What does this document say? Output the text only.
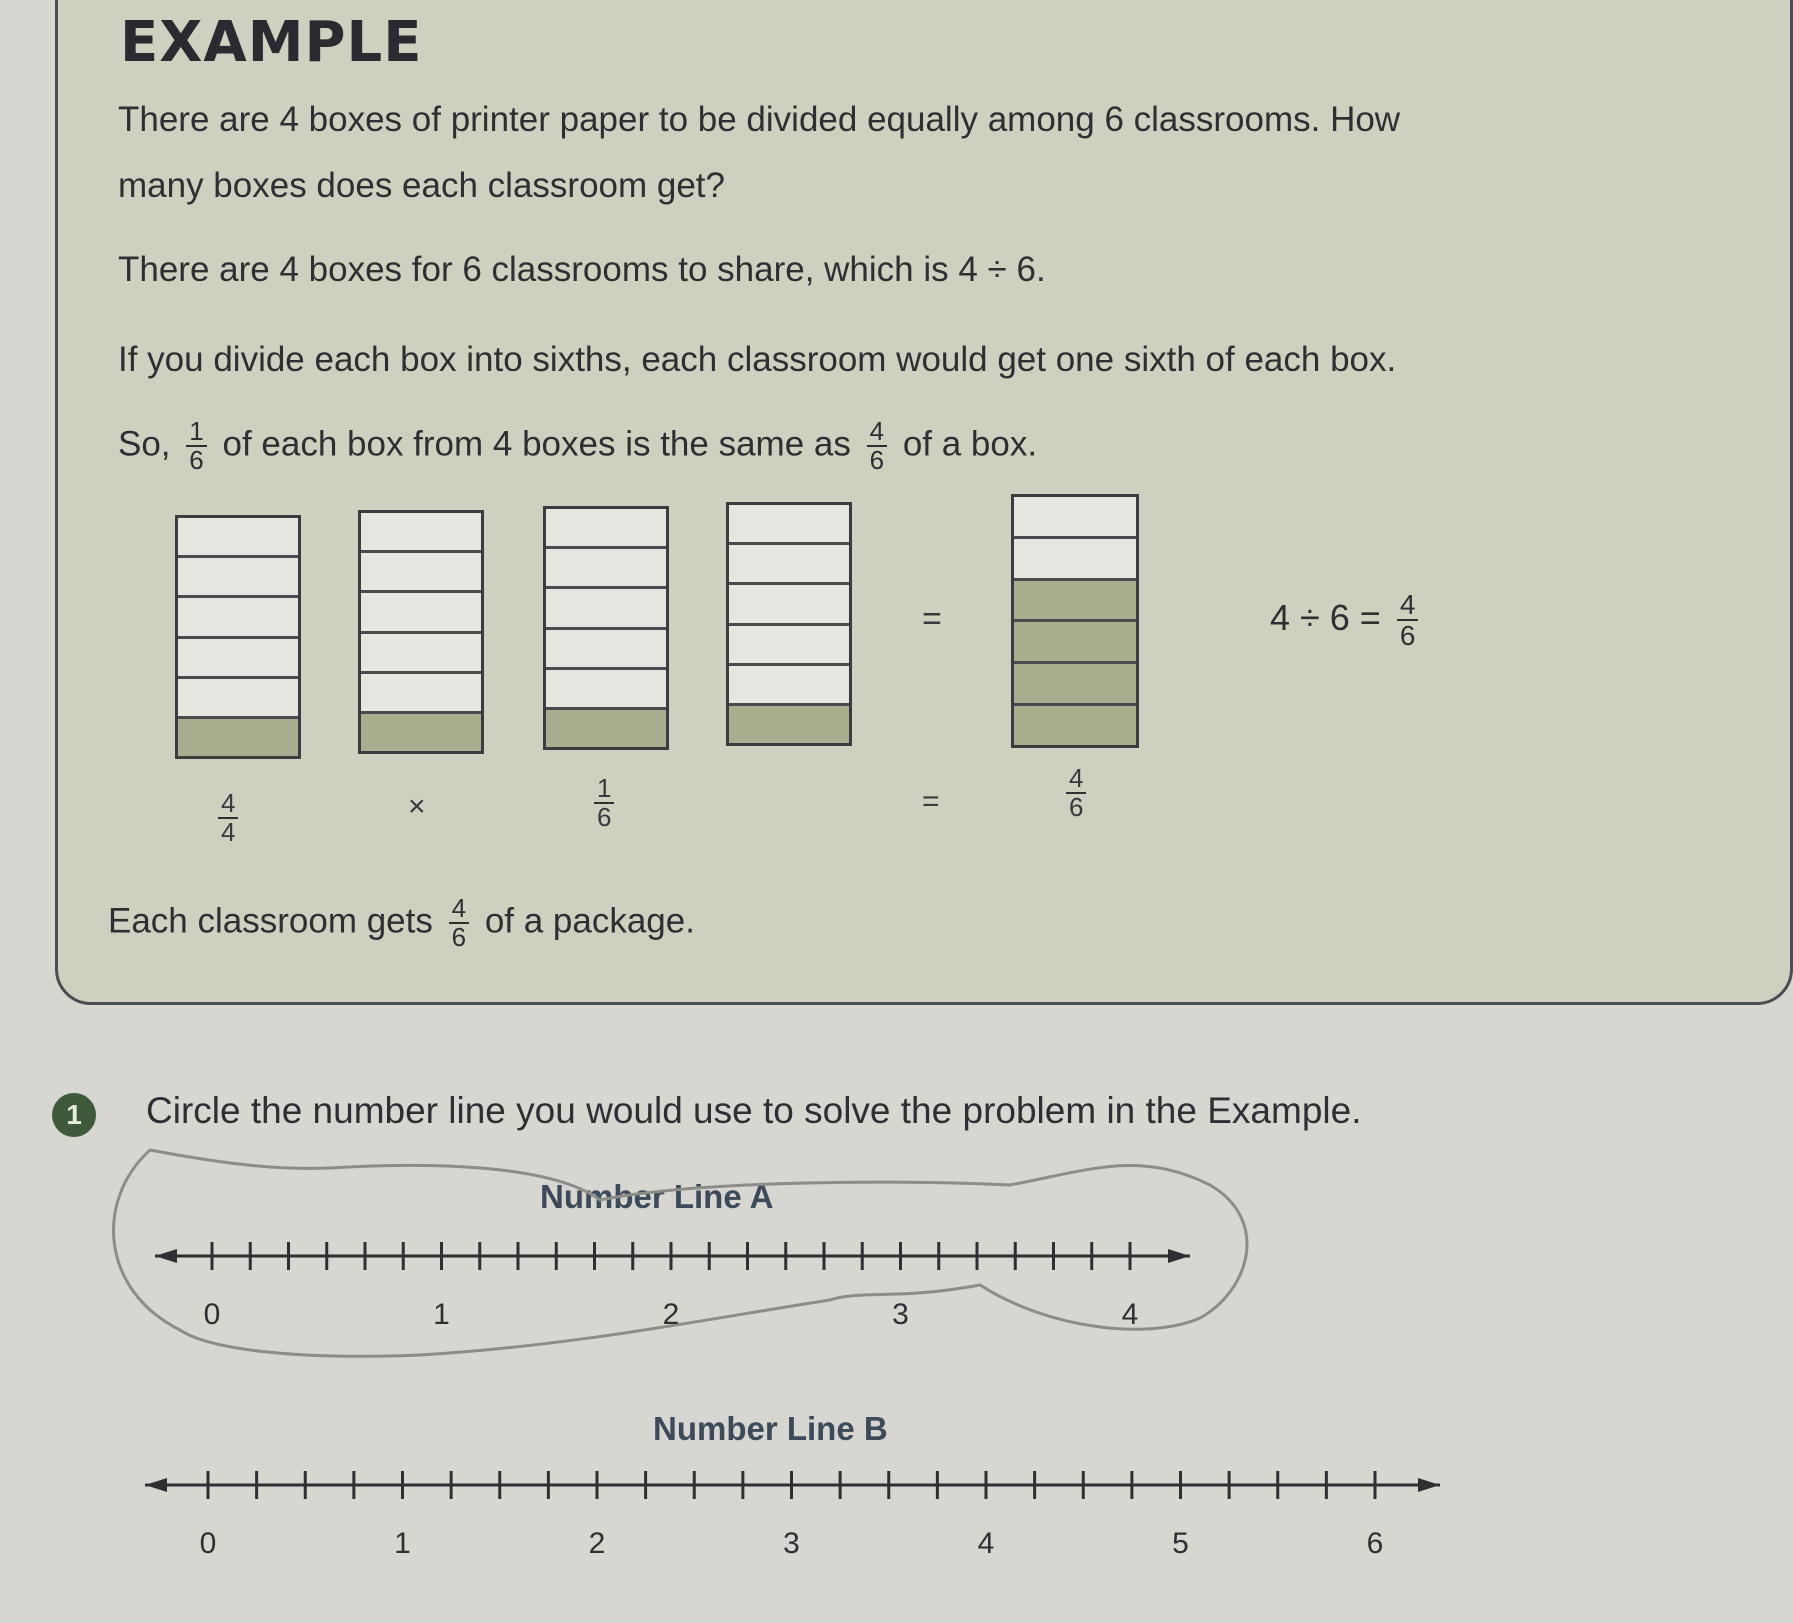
EXAMPLE
There are 4 boxes of printer paper to be divided equally among 6 classrooms. How
many boxes does each classroom get?
There are 4 boxes for 6 classrooms to share, which is 4 ÷ 6.
If you divide each box into sixths, each classroom would get one sixth of each box.
So, $\frac{1}{6}$ of each box from 4 boxes is the same as $\frac{4}{6}$ of a box.
=	$4 \div 6 = \frac{4}{6}$
$\frac{4}{4}$	×	$\frac{1}{6}$	=	$\frac{4}{6}$
Each classroom gets $\frac{4}{6}$ of a package.
1	Circle the number line you would use to solve the problem in the Example.
Number Line A
Number Line B
0	1	2	3	4
0	1	2	3	4	5	6
